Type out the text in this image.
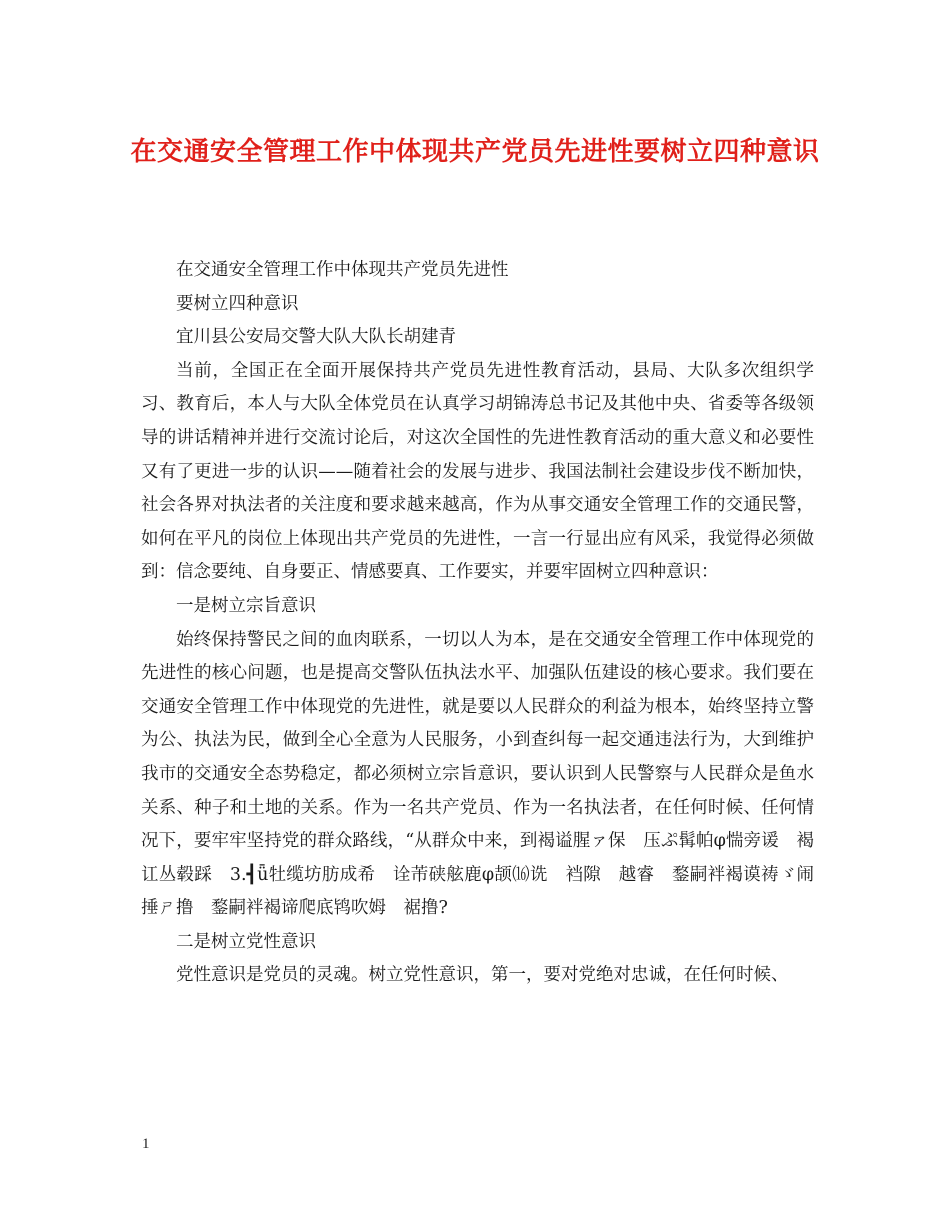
在交通安全管理工作中体现共产党员先进性要树立四种意识

在交通安全管理工作中体现共产党员先进性

要树立四种意识

宜川县公安局交警大队大队长胡建青

当前，全国正在全面开展保持共产党员先进性教育活动，县局、大队多次组织学习、教育后，本人与大队全体党员在认真学习胡锦涛总书记及其他中央、省委等各级领导的讲话精神并进行交流讨论后，对这次全国性的先进性教育活动的重大意义和必要性又有了更进一步的认识——随着社会的发展与进步、我国法制社会建设步伐不断加快，社会各界对执法者的关注度和要求越来越高，作为从事交通安全管理工作的交通民警，如何在平凡的岗位上体现出共产党员的先进性，一言一行显出应有风采，我觉得必须做到：信念要纯、自身要正、情感要真、工作要实，并要牢固树立四种意识：

一是树立宗旨意识

始终保持警民之间的血肉联系，一切以人为本，是在交通安全管理工作中体现党的先进性的核心问题，也是提高交警队伍执法水平、加强队伍建设的核心要求。我们要在交通安全管理工作中体现党的先进性，就是要以人民群众的利益为根本，始终坚持立警为公、执法为民，做到全心全意为人民服务，小到查纠每一起交通违法行为，大到维护我市的交通安全态势稳定，都必须树立宗旨意识，要认识到人民警察与人民群众是鱼水关系、种子和土地的关系。作为一名共产党员、作为一名执法者，在任何时候、任何情况下，要牢牢坚持党的群众路线，“从群众中来，到褐谥腥ァ保　压ぷ髯帕φ惴旁谖　褐讧丛毂踩　3.┫ǖ牡缆坊肪成希　诠芾硖舷鹿φ颉⒃诜　裆隙　越睿　鍪嗣袢褐谟祷ゞ闹捶ㄕ撸　鍪嗣袢褐谛爬底鸨吹姆　裾撸?

二是树立党性意识

党性意识是党员的灵魂。树立党性意识，第一，要对党绝对忠诚，在任何时候、

1
